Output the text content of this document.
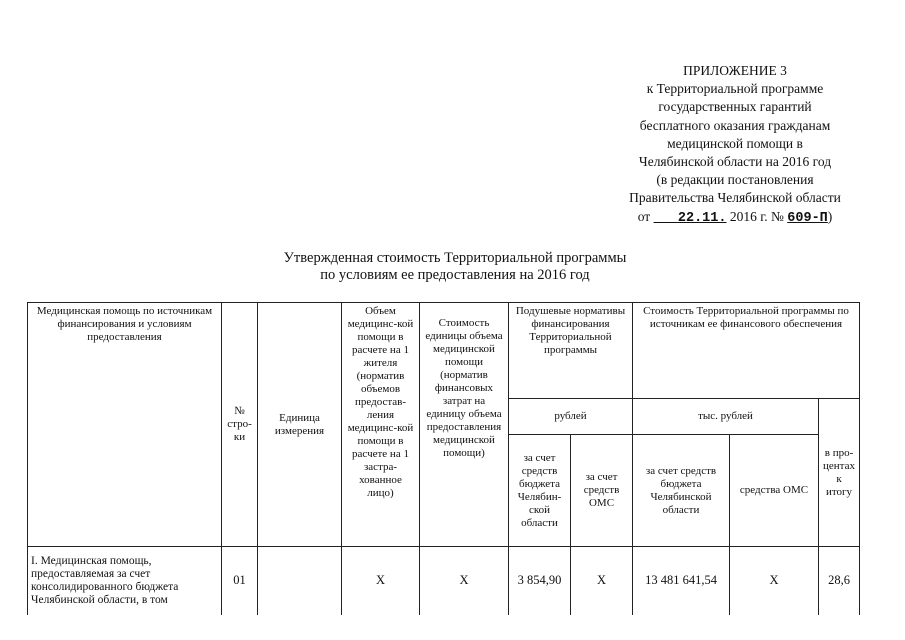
ПРИЛОЖЕНИЕ 3
к Территориальной программе
государственных гарантий
бесплатного оказания гражданам
медицинской помощи в
Челябинской области на 2016 год
(в редакции постановления
Правительства Челябинской области
от 22.11. 2016 г. № 609-П)
Утвержденная стоимость Территориальной программы
по условиям ее предоставления на 2016 год
Медицинская помощь по источникам финансирования и условиям предоставления	№ стро-ки	Единица измерения	Объем медицинс-кой помощи в расчете на 1 жителя (норматив объемов предостав-ления медицинс-кой помощи в расчете на 1 застра-хованное лицо)	Стоимость единицы объема медицинской помощи (норматив финансовых затрат на единицу объема предоставления медицинской помощи)	Подушевые нормативы финансирования Территориальной программы		Стоимость Территориальной программы по источникам ее финансового обеспечения		
					рублей		тыс. рублей		в про-центах к итогу
					за счет средств бюджета Челябин-ской области	за счет средств ОМС	за счет средств бюджета Челябинской области	средства ОМС	
I. Медицинская помощь, предоставляемая за счет консолидированного бюджета Челябинской области, в том	01		X	X	3 854,90	X	13 481 641,54	X	28,6
